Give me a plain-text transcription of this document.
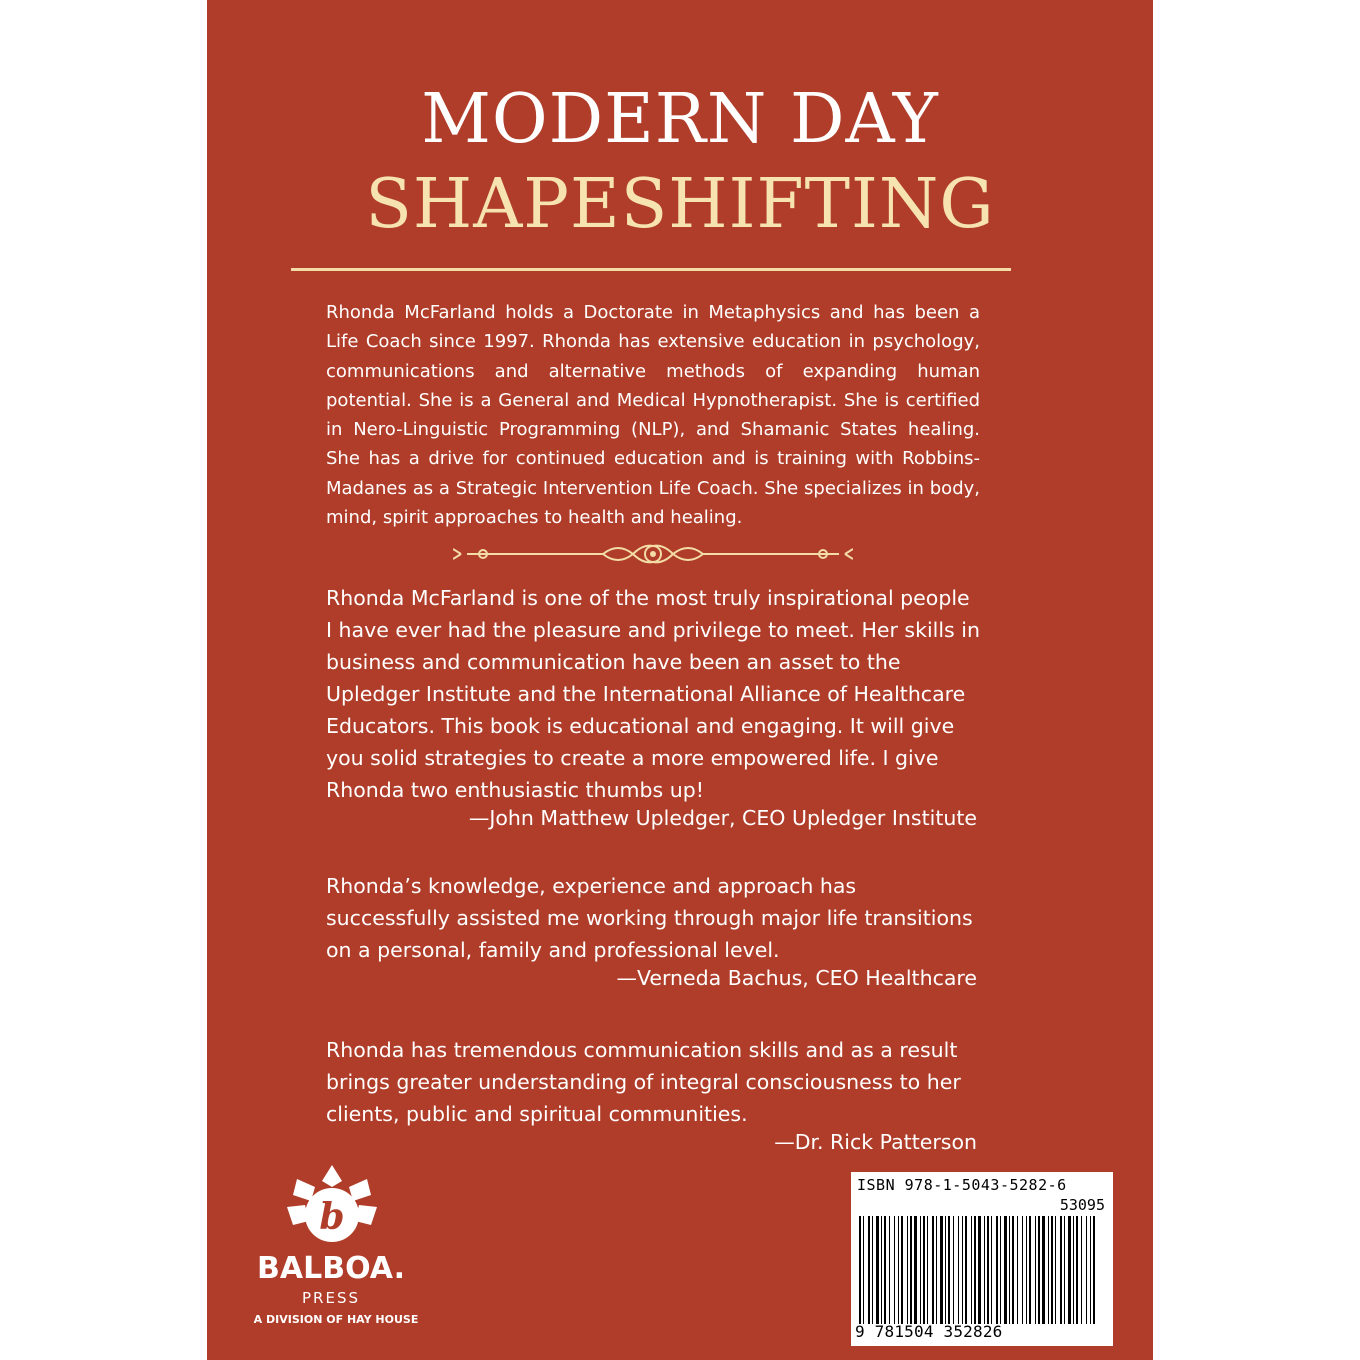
MODERN DAY
SHAPESHIFTING
Rhonda McFarland holds a Doctorate in Metaphysics and has been a Life Coach since 1997. Rhonda has extensive education in psychology, communications and alternative methods of expanding human potential. She is a General and Medical Hypnotherapist. She is certified in Nero-Linguistic Programming (NLP), and Shamanic States healing. She has a drive for continued education and is training with Robbins-Madanes as a Strategic Intervention Life Coach. She specializes in body, mind, spirit approaches to health and healing.
Rhonda McFarland is one of the most truly inspirational people I have ever had the pleasure and privilege to meet. Her skills in business and communication have been an asset to the Upledger Institute and the International Alliance of Healthcare Educators. This book is educational and engaging. It will give you solid strategies to create a more empowered life. I give Rhonda two enthusiastic thumbs up!
—John Matthew Upledger, CEO Upledger Institute
Rhonda’s knowledge, experience and approach has successfully assisted me working through major life transitions on a personal, family and professional level.
—Verneda Bachus, CEO Healthcare
Rhonda has tremendous communication skills and as a result brings greater understanding of integral consciousness to her clients, public and spiritual communities.
—Dr. Rick Patterson
b
BALBOA.
PRESS
A DIVISION OF HAY HOUSE
ISBN 978-1-5043-5282-6
53095
9 781504 352826
